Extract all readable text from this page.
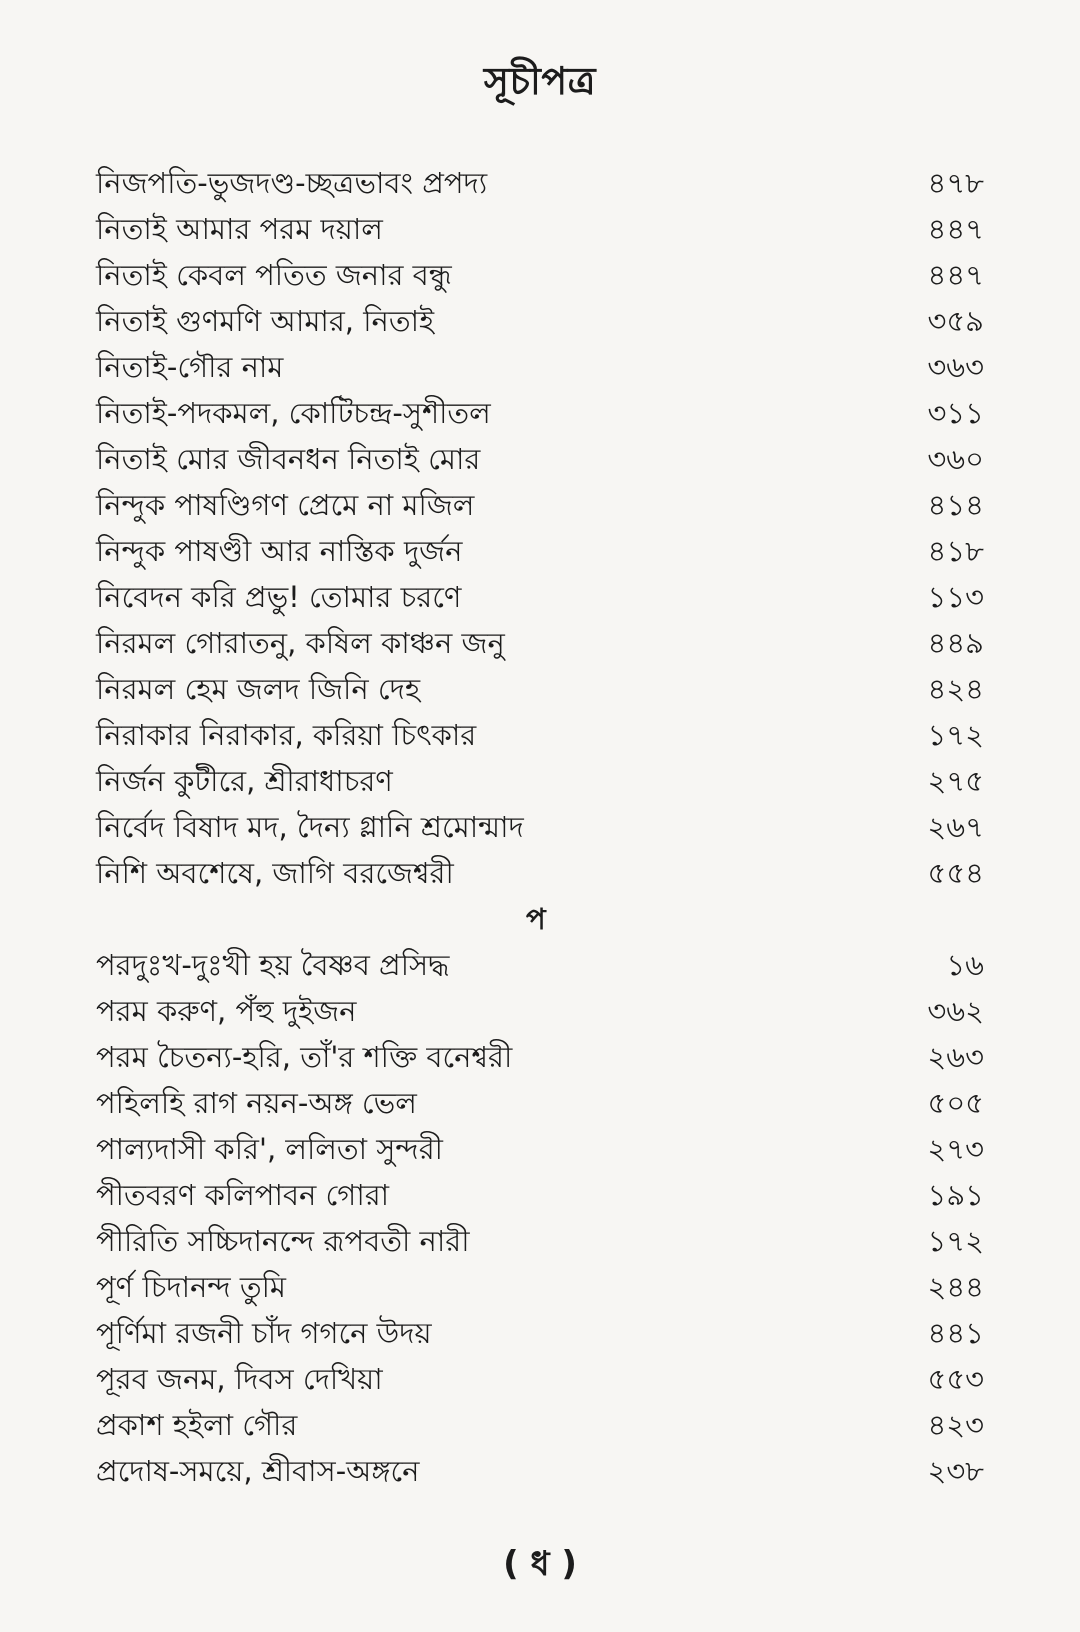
সূচীপত্র
নিজপতি-ভুজদণ্ড-চ্ছত্রভাবং প্রপদ্য	৪৭৮
নিতাই আমার পরম দয়াল	৪৪৭
নিতাই কেবল পতিত জনার বন্ধু	৪৪৭
নিতাই গুণমণি আমার, নিতাই	৩৫৯
নিতাই-গৌর নাম	৩৬৩
নিতাই-পদকমল, কোটিচন্দ্র-সুশীতল	৩১১
নিতাই মোর জীবনধন নিতাই মোর	৩৬০
নিন্দুক পাষণ্ডিগণ প্রেমে না মজিল	৪১৪
নিন্দুক পাষণ্ডী আর নাস্তিক দুর্জন	৪১৮
নিবেদন করি প্রভু! তোমার চরণে	১১৩
নিরমল গোরাতনু, কষিল কাঞ্চন জনু	৪৪৯
নিরমল হেম জলদ জিনি দেহ	৪২৪
নিরাকার নিরাকার, করিয়া চিৎকার	১৭২
নির্জন কুটীরে, শ্রীরাধাচরণ	২৭৫
নির্বেদ বিষাদ মদ, দৈন্য গ্লানি শ্রমোন্মাদ	২৬৭
নিশি অবশেষে, জাগি বরজেশ্বরী	৫৫৪
প
পরদুঃখ-দুঃখী হয় বৈষ্ণব প্রসিদ্ধ	১৬
পরম করুণ, পঁহু দুইজন	৩৬২
পরম চৈতন্য-হরি, তাঁ'র শক্তি বনেশ্বরী	২৬৩
পহিলহি রাগ নয়ন-অঙ্গ ভেল	৫০৫
পাল্যদাসী করি', ললিতা সুন্দরী	২৭৩
পীতবরণ কলিপাবন গোরা	১৯১
পীরিতি সচ্চিদানন্দে রূপবতী নারী	১৭২
পূর্ণ চিদানন্দ তুমি	২৪৪
পূর্ণিমা রজনী চাঁদ গগনে উদয়	৪৪১
পূরব জনম, দিবস দেখিয়া	৫৫৩
প্রকাশ হইলা গৌর	৪২৩
প্রদোষ-সময়ে, শ্রীবাস-অঙ্গনে	২৩৮
( ধ )
